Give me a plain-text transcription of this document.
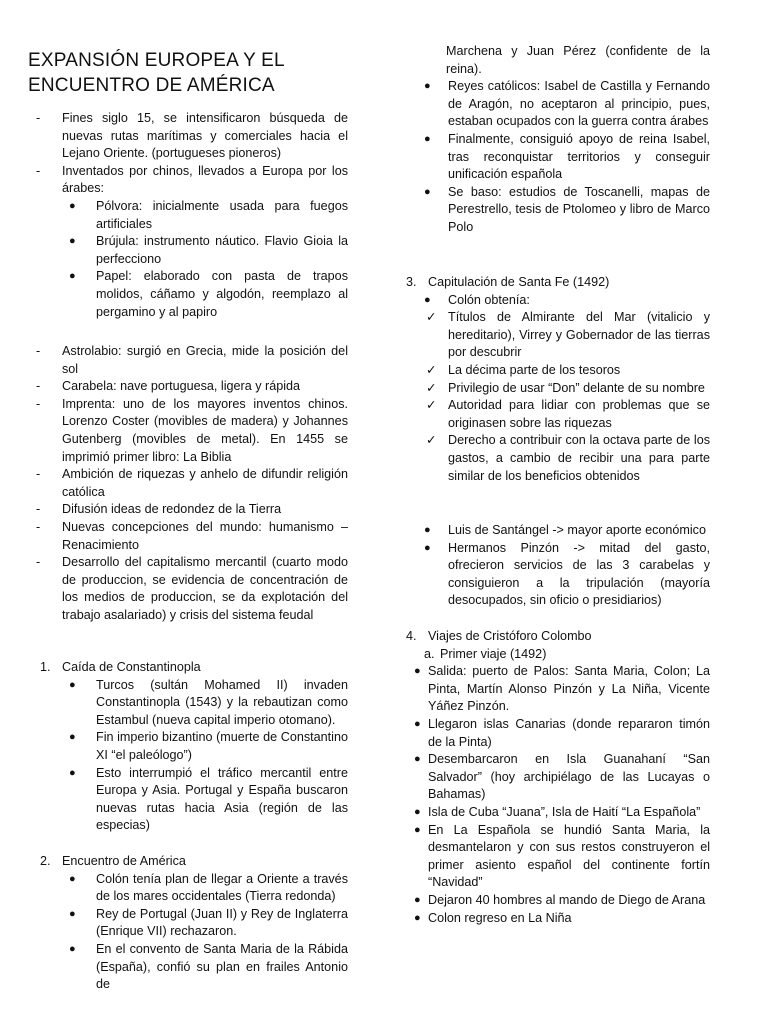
EXPANSIÓN EUROPEA Y EL ENCUENTRO DE AMÉRICA
- Fines siglo 15, se intensificaron búsqueda de nuevas rutas marítimas y comerciales hacia el Lejano Oriente. (portugueses pioneros)
- Inventados por chinos, llevados a Europa por los árabes:
● Pólvora: inicialmente usada para fuegos artificiales
● Brújula: instrumento náutico. Flavio Gioia la perfecciono
● Papel: elaborado con pasta de trapos molidos, cáñamo y algodón, reemplazo al pergamino y al papiro
- Astrolabio: surgió en Grecia, mide la posición del sol
- Carabela: nave portuguesa, ligera y rápida
- Imprenta: uno de los mayores inventos chinos. Lorenzo Coster (movibles de madera) y Johannes Gutenberg (movibles de metal). En 1455 se imprimió primer libro: La Biblia
- Ambición de riquezas y anhelo de difundir religión católica
- Difusión ideas de redondez de la Tierra
- Nuevas concepciones del mundo: humanismo – Renacimiento
- Desarrollo del capitalismo mercantil (cuarto modo de produccion, se evidencia de concentración de los medios de produccion, se da explotación del trabajo asalariado) y crisis del sistema feudal
1. Caída de Constantinopla
● Turcos (sultán Mohamed II) invaden Constantinopla (1543) y la rebautizan como Estambul (nueva capital imperio otomano).
● Fin imperio bizantino (muerte de Constantino XI “el paleólogo”)
● Esto interrumpió el tráfico mercantil entre Europa y Asia. Portugal y España buscaron nuevas rutas hacia Asia (región de las especias)
2. Encuentro de América
● Colón tenía plan de llegar a Oriente a través de los mares occidentales (Tierra redonda)
● Rey de Portugal (Juan II) y Rey de Inglaterra (Enrique VII) rechazaron.
● En el convento de Santa Maria de la Rábida (España), confió su plan en frailes Antonio de

Marchena y Juan Pérez (confidente de la reina).

● Reyes católicos: Isabel de Castilla y Fernando de Aragón, no aceptaron al principio, pues, estaban ocupados con la guerra contra árabes
● Finalmente, consiguió apoyo de reina Isabel, tras reconquistar territorios y conseguir unificación española
● Se baso: estudios de Toscanelli, mapas de Perestrello, tesis de Ptolomeo y libro de Marco Polo
3. Capitulación de Santa Fe (1492)
● Colón obtenía:
✓ Títulos de Almirante del Mar (vitalicio y hereditario), Virrey y Gobernador de las tierras por descubrir
✓ La décima parte de los tesoros
✓ Privilegio de usar “Don” delante de su nombre
✓ Autoridad para lidiar con problemas que se originasen sobre las riquezas
✓ Derecho a contribuir con la octava parte de los gastos, a cambio de recibir una para parte similar de los beneficios obtenidos
● Luis de Santángel -> mayor aporte económico
● Hermanos Pinzón -> mitad del gasto, ofrecieron servicios de las 3 carabelas y consiguieron a la tripulación (mayoría desocupados, sin oficio o presidiarios)
4. Viajes de Cristóforo Colombo
a. Primer viaje (1492)
● Salida: puerto de Palos: Santa Maria, Colon; La Pinta, Martín Alonso Pinzón y La Niña, Vicente Yáñez Pinzón.
● Llegaron islas Canarias (donde repararon timón de la Pinta)
● Desembarcaron en Isla Guanahaní “San Salvador” (hoy archipiélago de las Lucayas o Bahamas)
● Isla de Cuba “Juana”, Isla de Haití “La Española”
● En La Española se hundió Santa Maria, la desmantelaron y con sus restos construyeron el primer asiento español del continente fortín “Navidad”
● Dejaron 40 hombres al mando de Diego de Arana
● Colon regreso en La Niña
